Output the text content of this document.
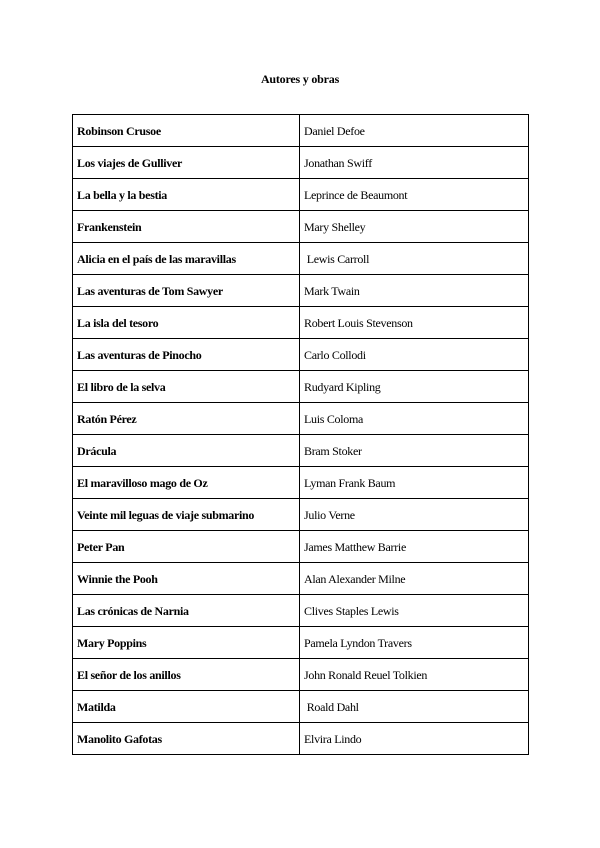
Autores y obras
Robinson Crusoe	Daniel Defoe
Los viajes de Gulliver	Jonathan Swiff
La bella y la bestia	Leprince de Beaumont
Frankenstein	Mary Shelley
Alicia en el país de las maravillas	Lewis Carroll
Las aventuras de Tom Sawyer	Mark Twain
La isla del tesoro	Robert Louis Stevenson
Las aventuras de Pinocho	Carlo Collodi
El libro de la selva	Rudyard Kipling
Ratón Pérez	Luis Coloma
Drácula	Bram Stoker
El maravilloso mago de Oz	Lyman Frank Baum
Veinte mil leguas de viaje submarino	Julio Verne
Peter Pan	James Matthew Barrie
Winnie the Pooh	Alan Alexander Milne
Las crónicas de Narnia	Clives Staples Lewis
Mary Poppins	Pamela Lyndon Travers
El señor de los anillos	John Ronald Reuel Tolkien
Matilda	Roald Dahl
Manolito Gafotas	Elvira Lindo
